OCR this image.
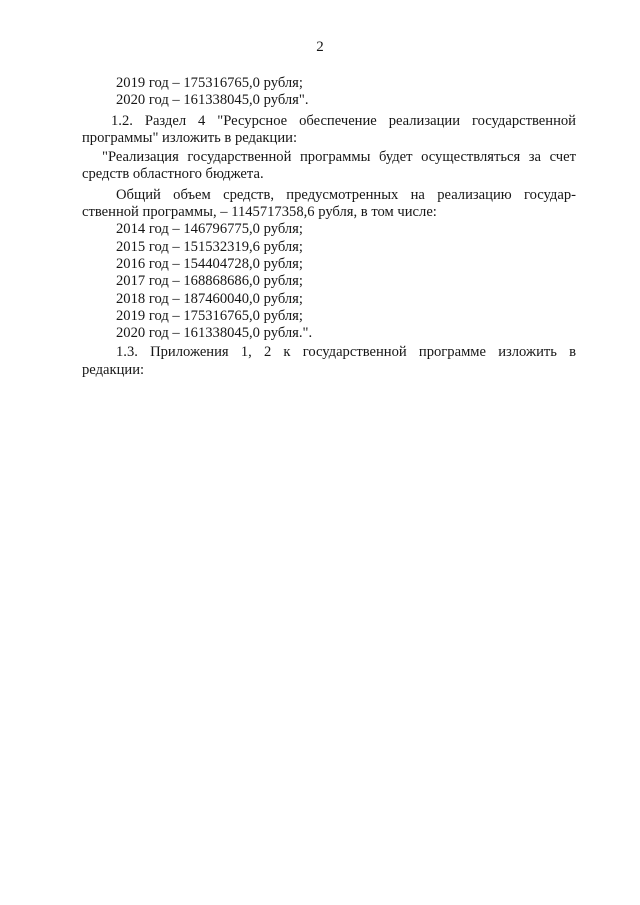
2
2019 год – 175316765,0 рубля;
2020 год – 161338045,0 рубля".
1.2. Раздел 4 "Ресурсное обеспечение реализации государственной
программы" изложить в редакции:
"Реализация государственной программы будет осуществляться за счет
средств областного бюджета.
Общий объем средств, предусмотренных на реализацию государ-
ственной программы, – 1145717358,6 рубля, в том числе:
2014 год – 146796775,0 рубля;
2015 год – 151532319,6 рубля;
2016 год – 154404728,0 рубля;
2017 год – 168868686,0 рубля;
2018 год – 187460040,0 рубля;
2019 год – 175316765,0 рубля;
2020 год – 161338045,0 рубля.".
1.3. Приложения 1, 2 к государственной программе изложить в
редакции:
